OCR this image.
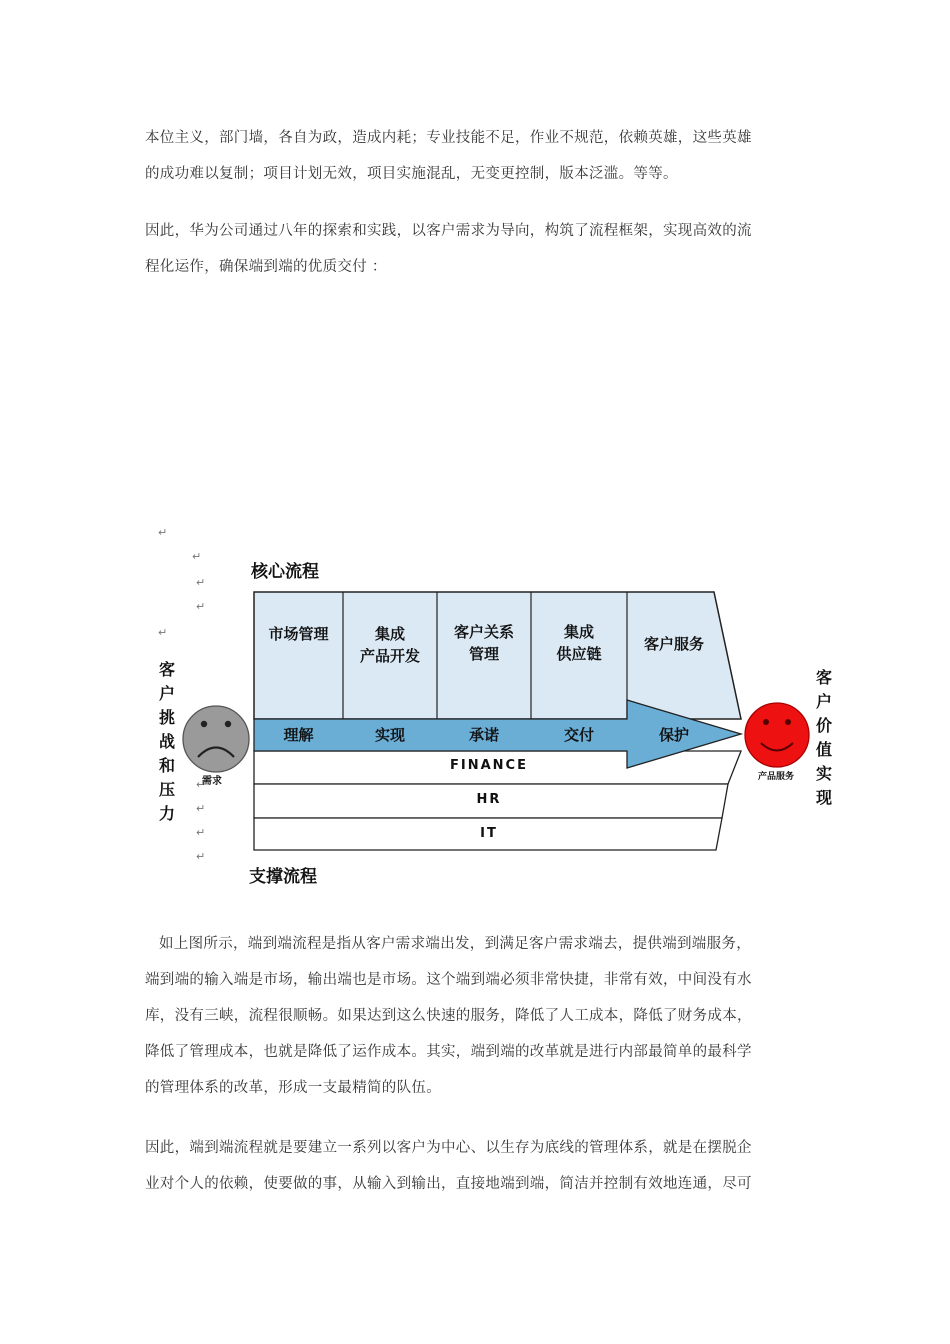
本位主义，部门墙，各自为政，造成内耗；专业技能不足，作业不规范，依赖英雄，这些英雄
的成功难以复制；项目计划无效，项目实施混乱，无变更控制，版本泛滥。等等。
因此，华为公司通过八年的探索和实践，以客户需求为导向，构筑了流程框架，实现高效的流
程化运作，确保端到端的优质交付 ：
↵
↵
↵
↵
↵
↵
↵
↵
↵
核心流程
支撑流程
客户挑战和压力
客户价值实现
市场管理	集成
产品开发
客户关系
管理
集成
供应链
客户服务
理解	实现	承诺	交付	保护
FINANCE
HR
IT
需求	产品服务
如上图所示，端到端流程是指从客户需求端出发，到满足客户需求端去，提供端到端服务，
端到端的输入端是市场，输出端也是市场。这个端到端必须非常快捷，非常有效，中间没有水
库，没有三峡，流程很顺畅。如果达到这么快速的服务，降低了人工成本，降低了财务成本，
降低了管理成本，也就是降低了运作成本。其实，端到端的改革就是进行内部最简单的最科学
的管理体系的改革，形成一支最精简的队伍。
因此，端到端流程就是要建立一系列以客户为中心、以生存为底线的管理体系，就是在摆脱企
业对个人的依赖，使要做的事，从输入到输出，直接地端到端，简洁并控制有效地连通，尽可
